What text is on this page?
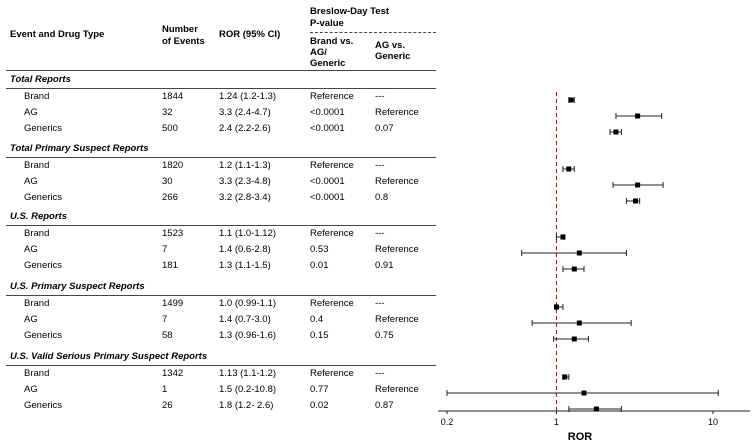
Event and Drug Type	Number
of Events
ROR (95% CI)
Breslow-Day Test
P-value
Brand vs.
AG/
Generic
AG vs.
Generic
Total Reports
Brand	1844	1.24 (1.2-1.3)	Reference ---
AG	32	3.3 (2.4-4.7)	<0.0001	Reference
Generics	500	2.4 (2.2-2.6)	<0.0001	0.07
Total Primary Suspect Reports
Brand	1820	1.2 (1.1-1.3)	Reference ---
AG	30	3.3 (2.3-4.8)	<0.0001	Reference
Generics	266	3.2 (2.8-3.4)	<0.0001	0.8
U.S. Reports
Brand	1523	1.1 (1.0-1.12)	Reference ---
AG	7	1.4 (0.6-2.8)	0.53	Reference
Generics	181	1.3 (1.1-1.5)	0.01	0.91
U.S. Primary Suspect Reports
Brand	1499	1.0 (0.99-1.1)	Reference ---
AG	7	1.4 (0.7-3.0)	0.4	Reference
Generics	58	1.3 (0.96-1.6)	0.15	0.75
U.S. Valid Serious Primary Suspect Reports
Brand	1342	1.13 (1.1-1.2)	Reference ---
AG	1	1.5 (0.2-10.8)	0.77	Reference
Generics	26	1.8 (1.2- 2.6)	0.02	0.87
0.2	1	10
ROR
